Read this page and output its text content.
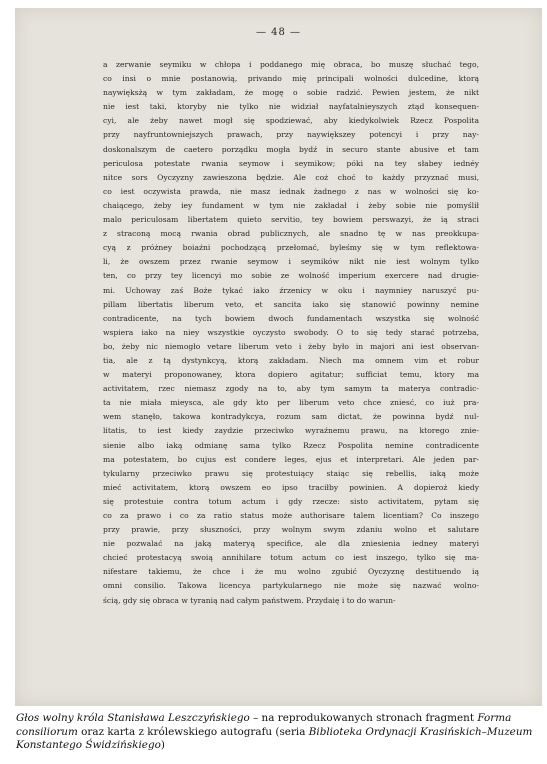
— 48 —
a zerwanie seymiku w chłopa i poddanego mię obraca, bo muszę słuchać tego,
co insi o mnie postanowią, privando mię principali wolności dulcedine, ktorą
naywięksżą w tym zakładam, że mogę o sobie radzić. Pewien jestem, że nikt
nie iest taki, ktoryby nie tylko nie widział nayfatalnieyszych ztąd konsequen-
cyi, ale żeby nawet mogł się spodziewać, aby kiedykolwiek Rzecz Pospolita
przy nayfruntowniejszych prawach, przy naywiększey potencyi i przy nay-
doskonalszym de caetero porządku mogła bydź in securo stante abusive et tam
periculosa potestate rwania seymow i seymikow; póki na tey słabey iednéy
nitce sors Oyczyzny zawieszona będzie. Ale coż choć to każdy przyznać musi,
co iest oczywista prawda, nie masz iednak żadnego z nas w wolności się ko-
chaiącego, żeby iey fundament w tym nie zakładał i żeby sobie nie pomyślił
malo periculosam libertatem quieto servitio, tey bowiem perswazyi, że ią straci
z straconą mocą rwania obrad publicznych, ale snadno tę w nas preokkupa-
cyą z próżney boiaźni pochodzącą przełomać, byleśmy się w tym reflektowa-
li, że owszem przez rwanie seymow i seymików nikt nie iest wolnym tylko
ten, co przy tey licencyi mo sobie ze wolność imperium exercere nad drugie-
mi. Uchoway zaś Boże tykać iako źrzenicy w oku i naymniey naruszyć pu-
pillam libertatis liberum veto, et sancita iako się stanowić powinny nemine
contradicente, na tych bowiem dwoch fundamentach wszystka się wolność
wspiera iako na niey wszystkie oyczysto swobody. O to się tedy starać potrzeba,
bo, żeby nic niemogło vetare liberum veto i żeby było in majori ani iest observan-
tia, ale z tą dystynkcyą, ktorą zakładam. Niech ma omnem vim et robur
w materyi proponowaney, ktora dopiero agitatur; sufficiat temu, ktory ma
activitatem, rzec niemasz zgody na to, aby tym samym ta materya contradic-
ta nie miała mieysca, ale gdy kto per liberum veto chce zniesć, co iuż pra-
wem stanęło, takowa kontradykcya, rozum sam dictat, że powinna bydź nul-
litatis, to iest kiedy zaydzie przeciwko wyraźnemu prawu, na ktorego znie-
sienie albo iaką odmianę sama tylko Rzecz Pospolita nemine contradicente
ma potestatem, bo cujus est condere leges, ejus et interpretari. Ale jeden par-
tykularny przeciwko prawu się protestuiący staiąc się rebellis, iaką może
mieć activitatem, ktorą owszem eo ipso traciłby powinien. A dopieroż kiedy
się protestuie contra totum actum i gdy rzecze: sisto activitatem, pytam się
co za prawo i co za ratio status może authorisare talem licentiam? Co inszego
przy prawie, przy słuszności, przy wolnym swym zdaniu wolno et salutare
nie pozwalać na jaką materyą specifice, ale dla zniesienia iedney materyi
chcieć protestacyą swoią annihilare totum actum co iest inszego, tylko się ma-
nifestare takiemu, że chce i że mu wolno zgubić Oyczyznę destituendo ią
omni consilio. Takowa licencya partykularnego nie może się nazwać wolno-
ścią, gdy się obraca w tyranią nad całym państwem. Przydaię i to do warun-

Głos wolny króla Stanisława Leszczyńskiego – na reprodukowanych stronach fragment Forma consiliorum oraz karta z królewskiego autografu (seria Biblioteka Ordynacji Krasińskich–Muzeum Konstantego Świdzińskiego)
